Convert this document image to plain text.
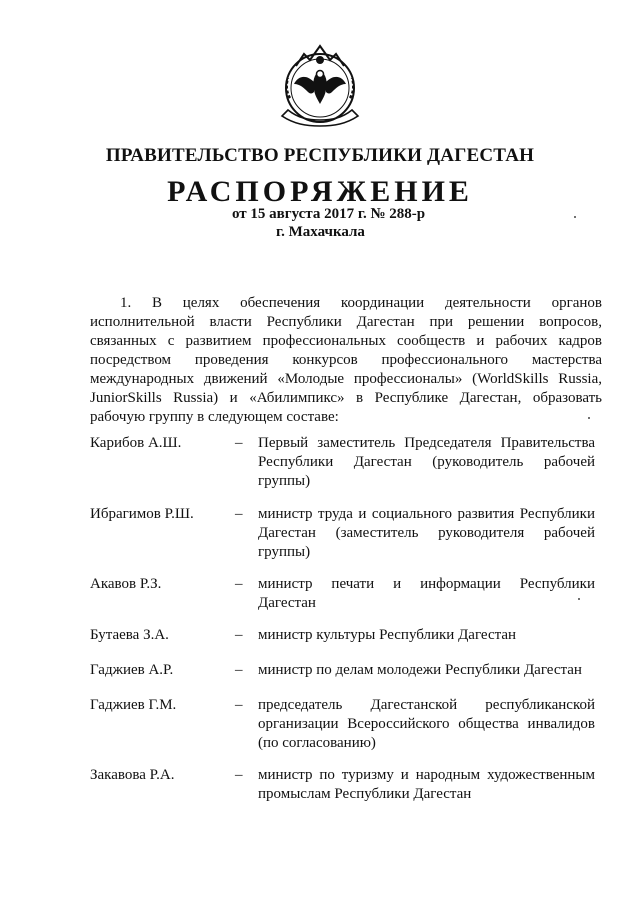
ПРАВИТЕЛЬСТВО РЕСПУБЛИКИ ДАГЕСТАН
РАСПОРЯЖЕНИЕ
от 15 августа 2017 г. № 288-р
г. Махачкала

1. В целях обеспечения координации деятельности органов исполнительной власти Республики Дагестан при решении вопросов, связанных с развитием профессиональных сообществ и рабочих кадров посредством проведения конкурсов профессионального мастерства международных движений «Молодые профессионалы» (WorldSkills Russia, JuniorSkills Russia) и «Абилимпикс» в Республике Дагестан, образовать рабочую группу в следующем составе:

Карибов А.Ш.	– Первый заместитель Председателя Правительства Республики Дагестан (руководитель рабочей группы)
Ибрагимов Р.Ш.	– министр труда и социального развития Республики Дагестан (заместитель руководителя рабочей группы)
Акавов Р.З.	– министр печати и информации Республики Дагестан
Бутаева З.А.	– министр культуры Республики Дагестан
Гаджиев А.Р.	– министр по делам молодежи Республики Дагестан
Гаджиев Г.М.	– председатель Дагестанской республиканской организации Всероссийского общества инвалидов (по согласованию)
Закавова Р.А.	– министр по туризму и народным художественным промыслам Республики Дагестан
